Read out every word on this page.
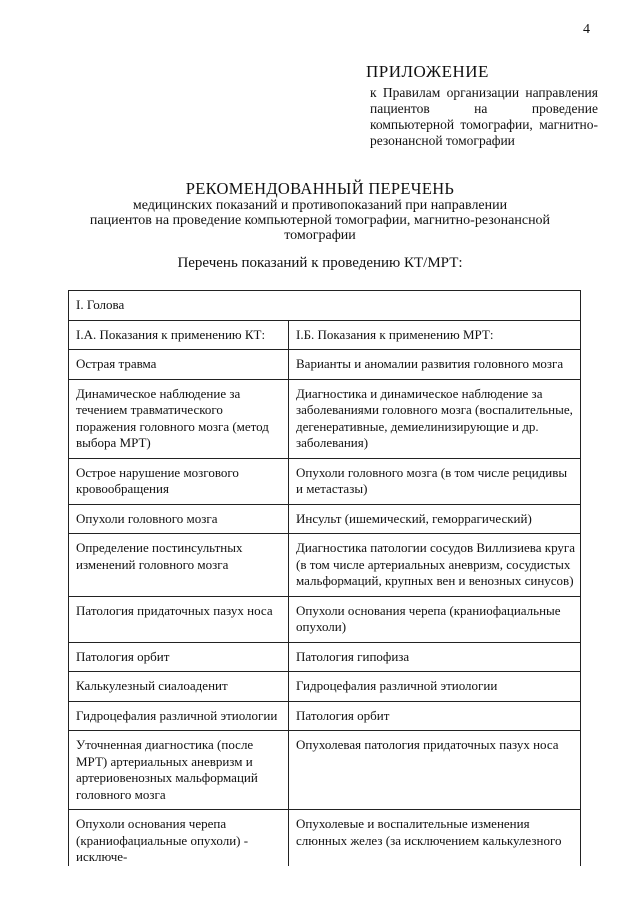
4
ПРИЛОЖЕНИЕ
к Правилам организации направления пациентов на проведение компьютерной томографии, магнитно-резонансной томографии
РЕКОМЕНДОВАННЫЙ ПЕРЕЧЕНЬ
медицинских показаний и противопоказаний при направлении
пациентов на проведение компьютерной томографии, магнитно-резонансной
томографии
Перечень показаний к проведению КТ/МРТ:
I. Голова	
I.А. Показания к применению КТ:	I.Б. Показания к применению МРТ:
Острая травма	Варианты и аномалии развития головного мозга
Динамическое наблюдение за течением травматического поражения головного мозга (метод выбора МРТ)	Диагностика и динамическое наблюдение за заболеваниями головного мозга (воспалительные, дегенеративные, демиелинизирующие и др. заболевания)
Острое нарушение мозгового кровообращения	Опухоли головного мозга (в том числе рецидивы и метастазы)
Опухоли головного мозга	Инсульт (ишемический, геморрагический)
Определение постинсультных изменений головного мозга	Диагностика патологии сосудов Виллизиева круга (в том числе артериальных аневризм, сосудистых мальформаций, крупных вен и венозных синусов)
Патология придаточных пазух носа	Опухоли основания черепа (краниофациальные опухоли)
Патология орбит	Патология гипофиза
Калькулезный сиалоаденит	Гидроцефалия различной этиологии
Гидроцефалия различной этиологии	Патология орбит
Уточненная диагностика (после МРТ) артериальных аневризм и артериовенозных мальформаций головного мозга	Опухолевая патология придаточных пазух носа
Опухоли основания черепа (краниофациальные опухоли) - исключе-	Опухолевые и воспалительные изменения слюнных желез (за исключением калькулезного
